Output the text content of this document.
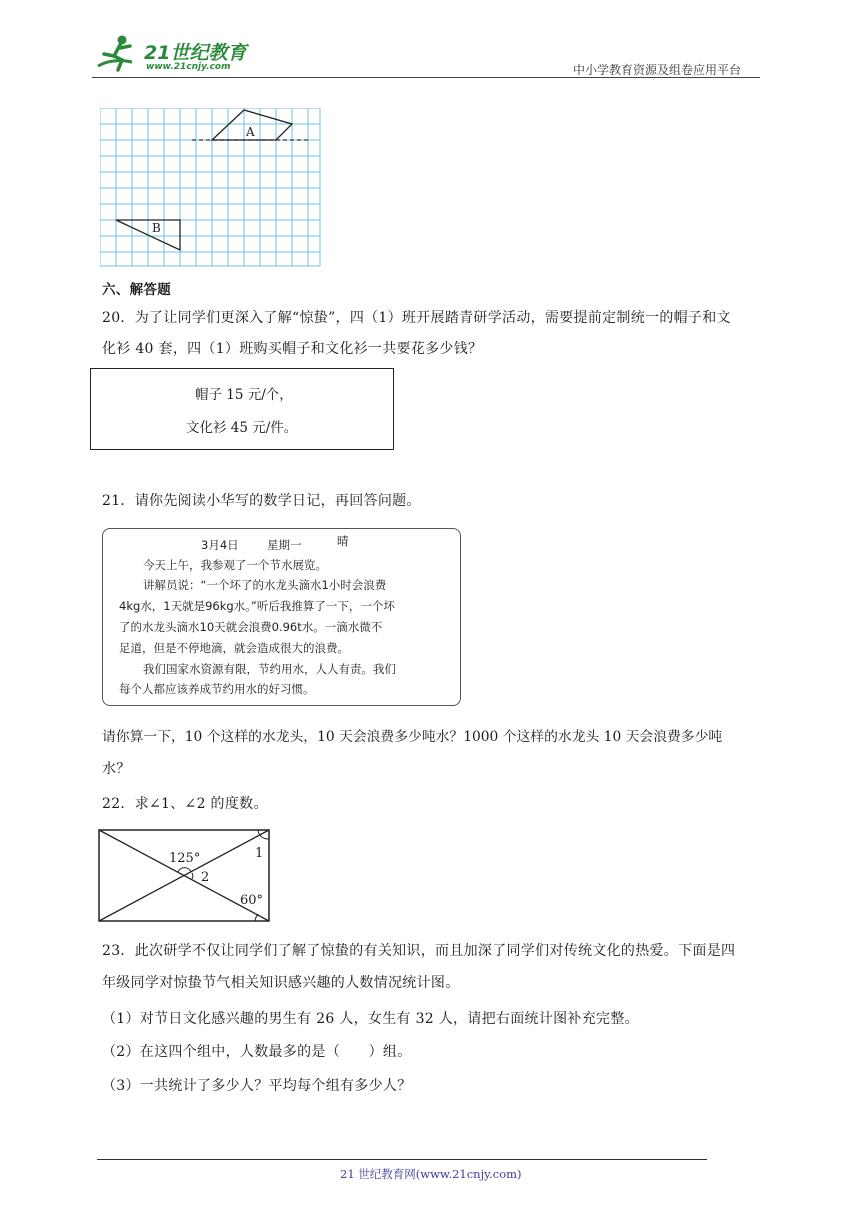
21世纪教育
www.21cnjy.com	中小学教育资源及组卷应用平台
A
B
六、解答题
20．为了让同学们更深入了解“惊蛰”，四（1）班开展踏青研学活动，需要提前定制统一的帽子和文
化衫 40 套，四（1）班购买帽子和文化衫一共要花多少钱？
帽子 15 元/个，
文化衫 45 元/件。
21．请你先阅读小华写的数学日记，再回答问题。
3月4日 星期一	晴
今天上午，我参观了一个节水展览。
讲解员说：“一个坏了的水龙头滴水1小时会浪费
4kg水，1天就是96kg水。”听后我推算了一下，一个坏
了的水龙头滴水10天就会浪费0.96t水。一滴水微不
足道，但是不停地滴，就会造成很大的浪费。
我们国家水资源有限，节约用水，人人有责。我们
每个人都应该养成节约用水的好习惯。
请你算一下，10 个这样的水龙头，10 天会浪费多少吨水？1000 个这样的水龙头 10 天会浪费多少吨
水？
22．求∠1、∠2 的度数。
125°	1
2
60°
23．此次研学不仅让同学们了解了惊蛰的有关知识，而且加深了同学们对传统文化的热爱。下面是四
年级同学对惊蛰节气相关知识感兴趣的人数情况统计图。
（1）对节日文化感兴趣的男生有 26 人，女生有 32 人，请把右面统计图补充完整。
（2）在这四个组中，人数最多的是（　　）组。
（3）一共统计了多少人？平均每个组有多少人？
21 世纪教育网(www.21cnjy.com)
